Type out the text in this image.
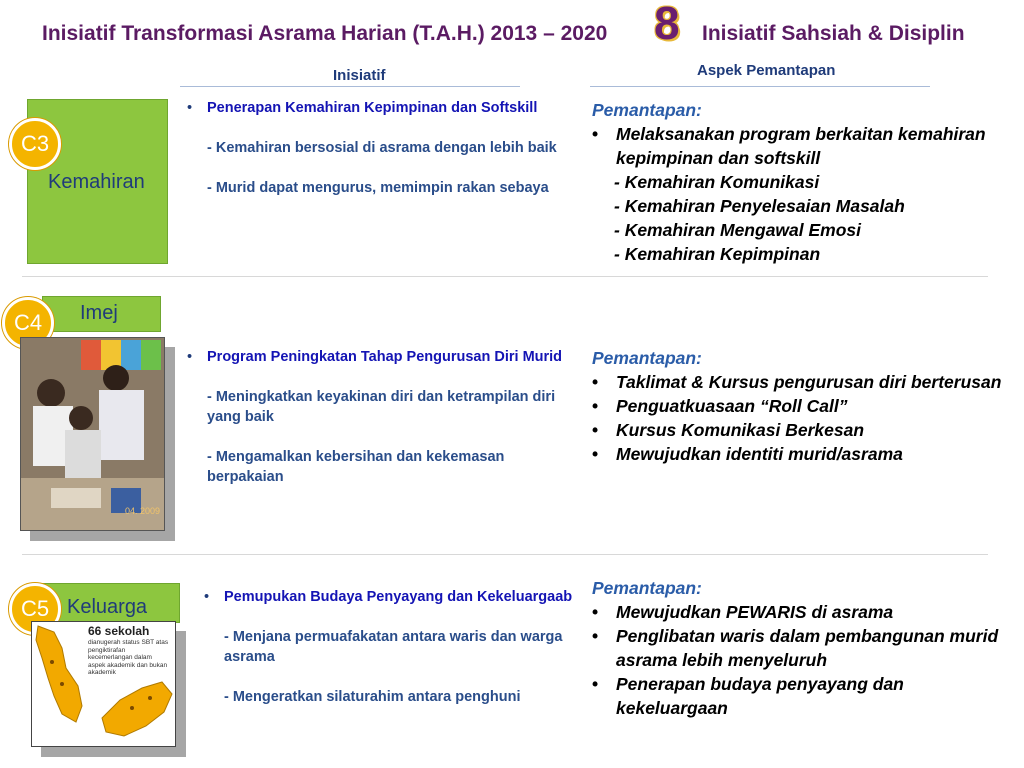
Inisiatif Transformasi Asrama Harian (T.A.H.) 2013 – 2020 8 Inisiatif Sahsiah & Disiplin
Inisiatif	Aspek Pemantapan
Kemahiran
C3
• Penerapan Kemahiran Kepimpinan dan Softskill
- Kemahiran bersosial di asrama dengan lebih baik
- Murid dapat mengurus, memimpin rakan sebaya
Pemantapan:
• Melaksanakan program berkaitan kemahiran kepimpinan dan softskill
- Kemahiran Komunikasi
- Kemahiran Penyelesaian Masalah
- Kemahiran Mengawal Emosi
- Kemahiran Kepimpinan
Imej
C4
04. 2009
• Program Peningkatan Tahap Pengurusan Diri Murid
- Meningkatkan keyakinan diri dan ketrampilan diri yang baik
- Mengamalkan kebersihan dan kekemasan berpakaian
Pemantapan:
• Taklimat & Kursus pengurusan diri berterusan
• Penguatkuasaan “Roll Call”
• Kursus Komunikasi Berkesan
• Mewujudkan identiti murid/asrama
Keluarga
C5
66 sekolah
dianugerah status SBT atas pengiktirafan kecemerlangan dalam aspek akademik dan bukan akademik
• Pemupukan Budaya Penyayang dan Kekeluargaab
- Menjana permuafakatan antara waris dan warga asrama
- Mengeratkan silaturahim antara penghuni
Pemantapan:
• Mewujudkan PEWARIS di asrama
• Penglibatan waris dalam pembangunan murid asrama lebih menyeluruh
• Penerapan budaya penyayang dan kekeluargaan
